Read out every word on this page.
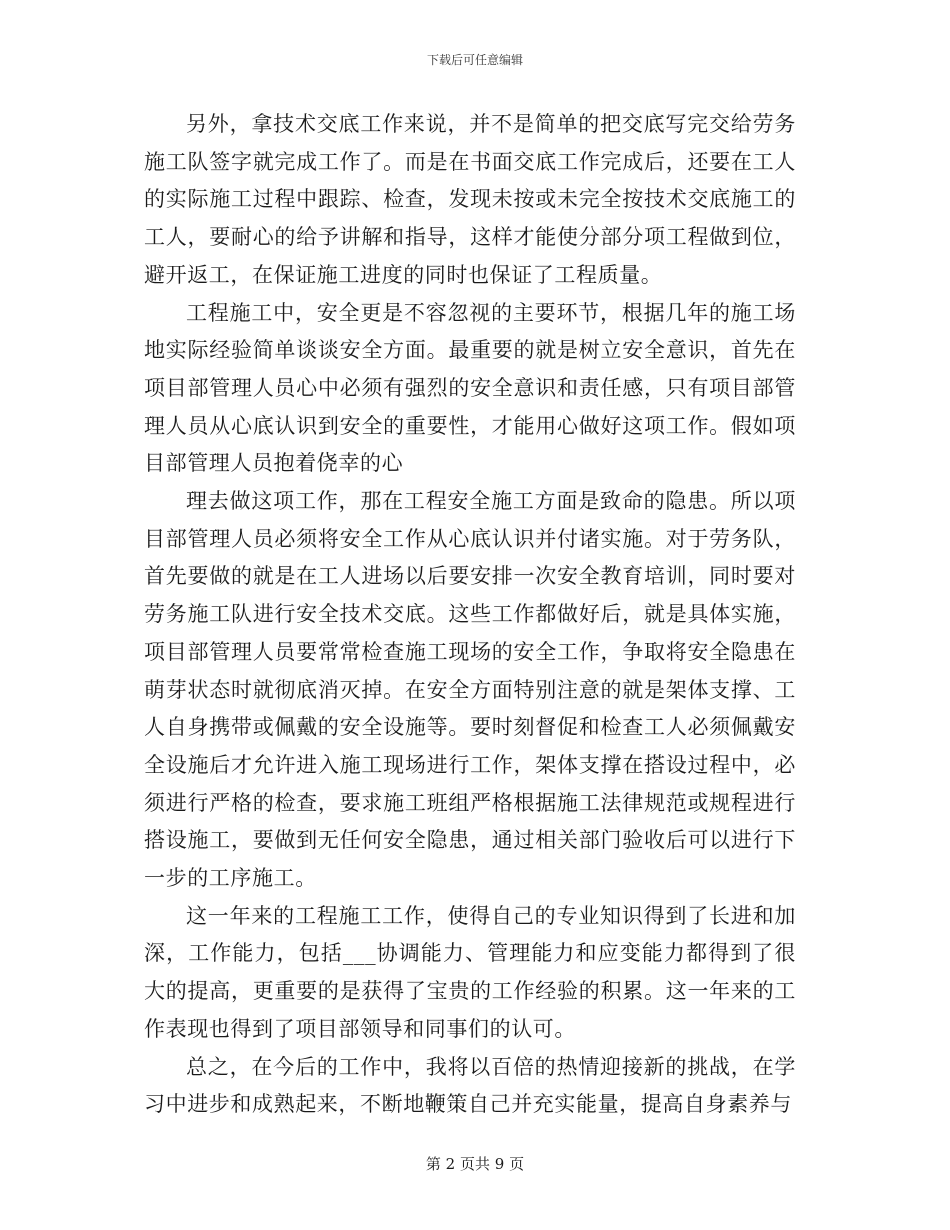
下载后可任意编辑

另外，拿技术交底工作来说，并不是简单的把交底写完交给劳务施工队签字就完成工作了。而是在书面交底工作完成后，还要在工人的实际施工过程中跟踪、检查，发现未按或未完全按技术交底施工的工人，要耐心的给予讲解和指导，这样才能使分部分项工程做到位，避开返工，在保证施工进度的同时也保证了工程质量。

工程施工中，安全更是不容忽视的主要环节，根据几年的施工场地实际经验简单谈谈安全方面。最重要的就是树立安全意识，首先在项目部管理人员心中必须有强烈的安全意识和责任感，只有项目部管理人员从心底认识到安全的重要性，才能用心做好这项工作。假如项目部管理人员抱着侥幸的心

理去做这项工作，那在工程安全施工方面是致命的隐患。所以项目部管理人员必须将安全工作从心底认识并付诸实施。对于劳务队，首先要做的就是在工人进场以后要安排一次安全教育培训，同时要对劳务施工队进行安全技术交底。这些工作都做好后，就是具体实施，项目部管理人员要常常检查施工现场的安全工作，争取将安全隐患在萌芽状态时就彻底消灭掉。在安全方面特别注意的就是架体支撑、工人自身携带或佩戴的安全设施等。要时刻督促和检查工人必须佩戴安全设施后才允许进入施工现场进行工作，架体支撑在搭设过程中，必须进行严格的检查，要求施工班组严格根据施工法律规范或规程进行搭设施工，要做到无任何安全隐患，通过相关部门验收后可以进行下一步的工序施工。

这一年来的工程施工工作，使得自己的专业知识得到了长进和加深，工作能力，包括___协调能力、管理能力和应变能力都得到了很大的提高，更重要的是获得了宝贵的工作经验的积累。这一年来的工作表现也得到了项目部领导和同事们的认可。

总之，在今后的工作中，我将以百倍的热情迎接新的挑战，在学习中进步和成熟起来，不断地鞭策自己并充实能量，提高自身素养与

第 2 页共 9 页
